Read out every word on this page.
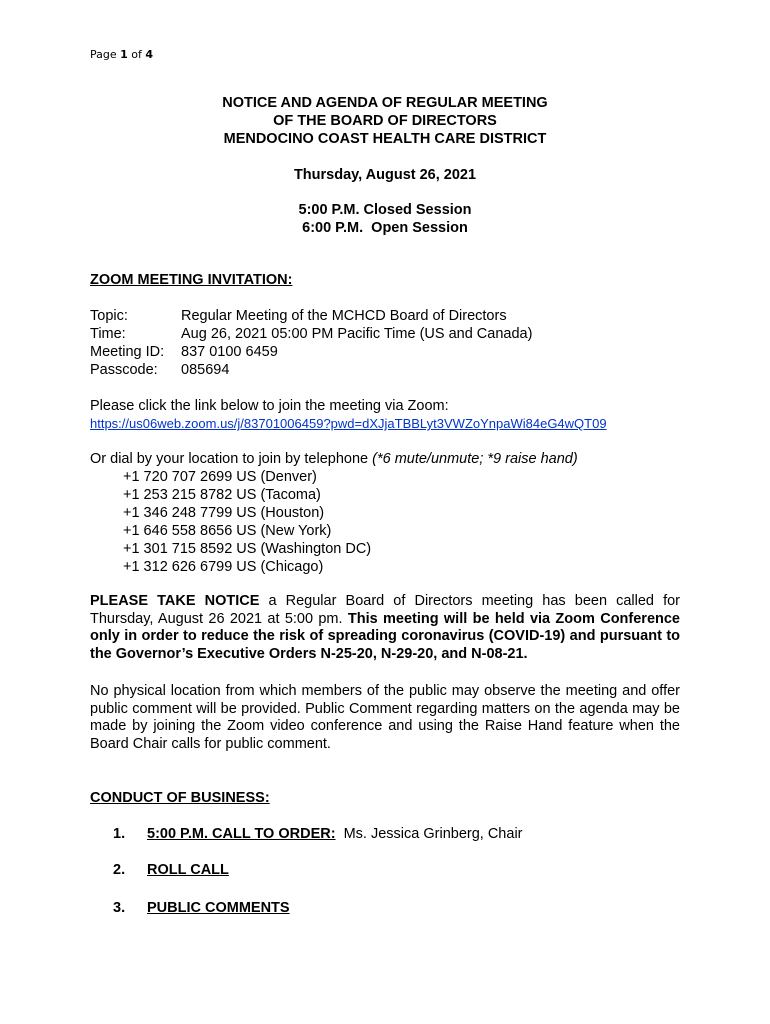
Page 1 of 4
NOTICE AND AGENDA OF REGULAR MEETING
OF THE BOARD OF DIRECTORS
MENDOCINO COAST HEALTH CARE DISTRICT
Thursday, August 26, 2021
5:00 P.M. Closed Session
6:00 P.M.  Open Session
ZOOM MEETING INVITATION:
Topic:	Regular Meeting of the MCHCD Board of Directors
Time:	Aug 26, 2021 05:00 PM Pacific Time (US and Canada)
Meeting ID: 837 0100 6459
Passcode: 085694
Please click the link below to join the meeting via Zoom:
https://us06web.zoom.us/j/83701006459?pwd=dXJjaTBBLyt3VWZoYnpaWi84eG4wQT09
Or dial by your location to join by telephone (*6 mute/unmute; *9 raise hand)
+1 720 707 2699 US (Denver)
+1 253 215 8782 US (Tacoma)
+1 346 248 7799 US (Houston)
+1 646 558 8656 US (New York)
+1 301 715 8592 US (Washington DC)
+1 312 626 6799 US (Chicago)
PLEASE TAKE NOTICE a Regular Board of Directors meeting has been called for Thursday, August 26 2021 at 5:00 pm. This meeting will be held via Zoom Conference only in order to reduce the risk of spreading coronavirus (COVID-19) and pursuant to the Governor’s Executive Orders N-25-20, N-29-20, and N-08-21.
No physical location from which members of the public may observe the meeting and offer public comment will be provided. Public Comment regarding matters on the agenda may be made by joining the Zoom video conference and using the Raise Hand feature when the Board Chair calls for public comment.
CONDUCT OF BUSINESS:
1. 5:00 P.M. CALL TO ORDER:  Ms. Jessica Grinberg, Chair
2. ROLL CALL
3. PUBLIC COMMENTS
